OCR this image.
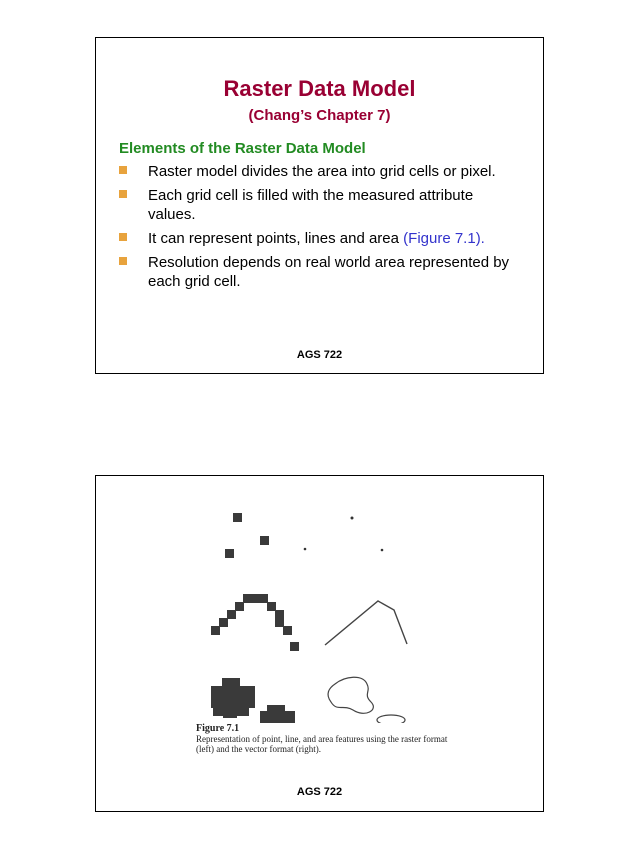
Raster Data Model
(Chang’s Chapter 7)
Elements of the Raster Data Model
Raster model divides the area into grid cells or pixel.
Each grid cell is filled with the measured attribute values.
It can represent points, lines and area (Figure 7.1).
Resolution depends on real world area represented by each grid cell.
AGS 722
Figure 7.1
Representation of point, line, and area features using the raster format (left) and the vector format (right).
AGS 722
